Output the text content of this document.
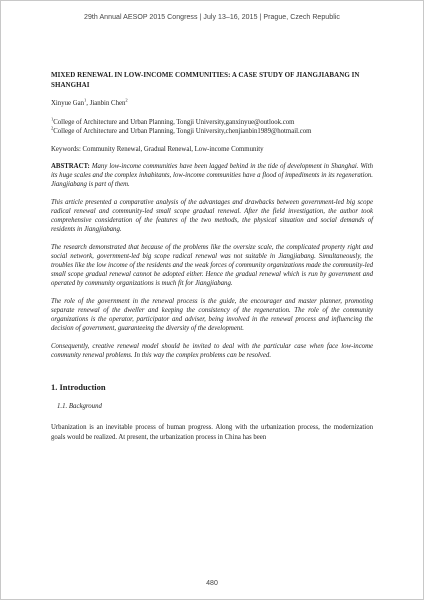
29th Annual AESOP 2015 Congress | July 13–16, 2015 | Prague, Czech Republic
MIXED RENEWAL IN LOW-INCOME COMMUNITIES: A CASE STUDY OF JIANGJIABANG IN SHANGHAI
Xinyue Gan$^1$, Jianbin Chen$^2$
$^1$College of Architecture and Urban Planning, Tongji University,ganxinyue@outlook.com
$^2$College of Architecture and Urban Planning, Tongji University,chenjianbin1989@hotmail.com
Keywords: Community Renewal, Gradual Renewal, Low-income Community

ABSTRACT: Many low-income communities have been lagged behind in the tide of development in Shanghai. With its huge scales and the complex inhabitants, low-income communities have a flood of impediments in its regeneration. Jiangjiabang is part of them.

This article presented a comparative analysis of the advantages and drawbacks between government-led big scope radical renewal and community-led small scope gradual renewal. After the field investigation, the author took comprehensive consideration of the features of the two methods, the physical situation and social demands of residents in Jiangjiabang.

The research demonstrated that because of the problems like the oversize scale, the complicated property right and social network, government-led big scope radical renewal was not suitable in Jiangjiabang. Simultaneously, the troubles like the low income of the residents and the weak forces of community organizations made the community-led small scope gradual renewal cannot be adopted either. Hence the gradual renewal which is run by government and operated by community organizations is much fit for Jiangjiabang.

The role of the government in the renewal process is the guide, the encourager and master planner, promoting separate renewal of the dweller and keeping the consistency of the regeneration. The role of the community organizations is the operator, participator and adviser, being involved in the renewal process and influencing the decision of government, guaranteeing the diversity of the development.

Consequently, creative renewal model should be invited to deal with the particular case when face low-income community renewal problems. In this way the complex problems can be resolved.

1. Introduction
1.1. Background

Urbanization is an inevitable process of human progress. Along with the urbanization process, the modernization goals would be realized. At present, the urbanization process in China has been

480
